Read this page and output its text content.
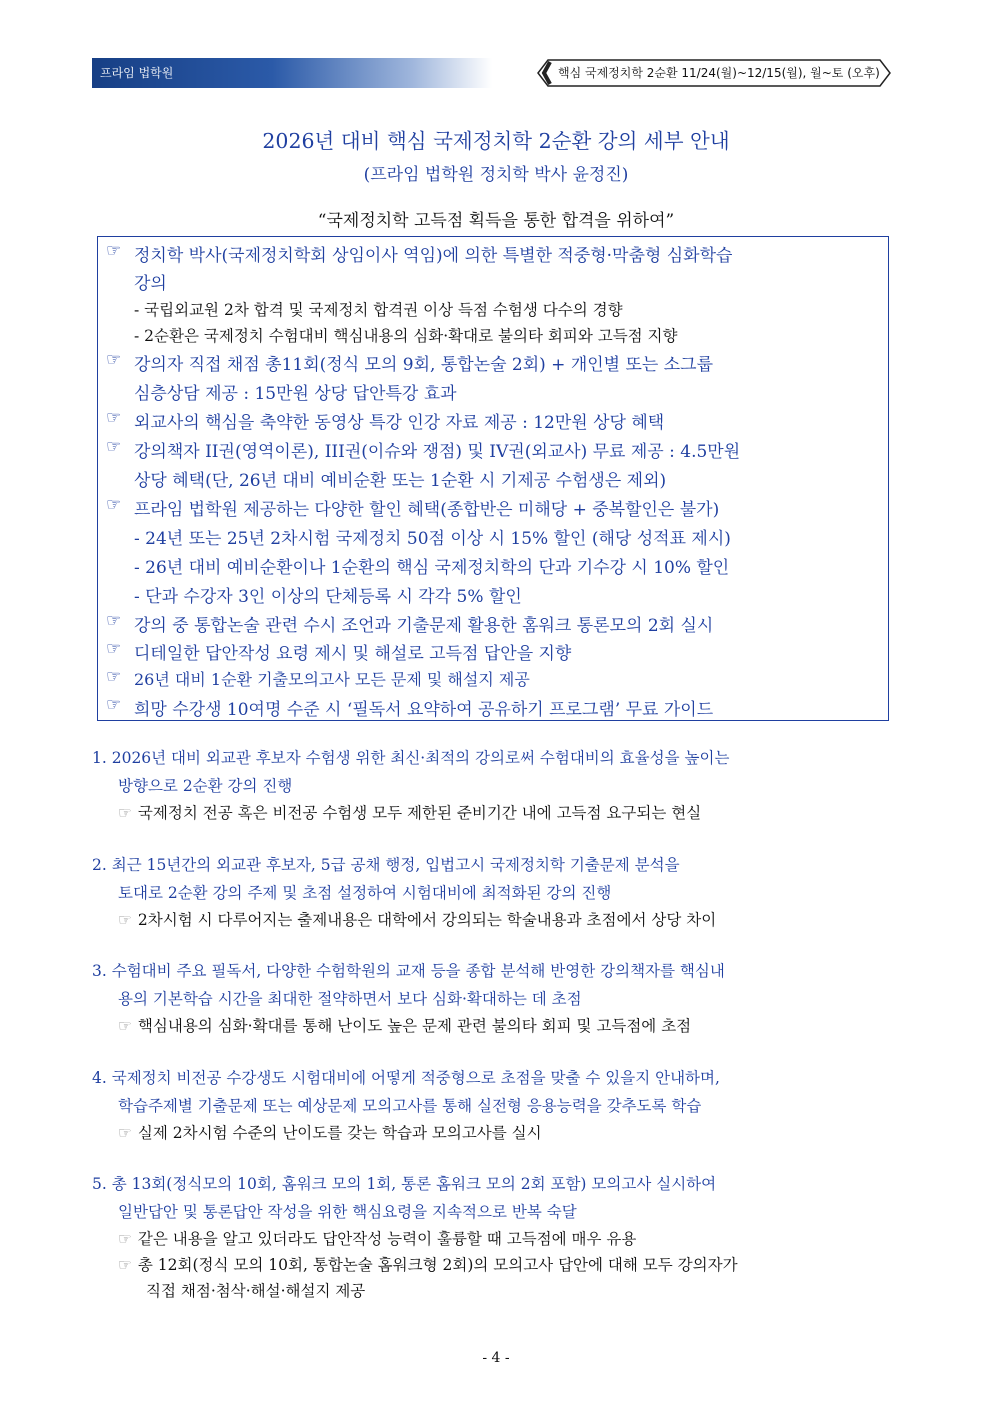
프라임 법학원	핵심 국제정치학 2순환 11/24(월)~12/15(월), 월~토 (오후)
2026년 대비 핵심 국제정치학 2순환 강의 세부 안내
(프라임 법학원 정치학 박사 윤정진)
“국제정치학 고득점 획득을 통한 합격을 위하여”
☞ 정치학 박사(국제정치학회 상임이사 역임)에 의한 특별한 적중형·막춤형 심화학습
강의
- 국립외교원 2차 합격 및 국제정치 합격권 이상 득점 수험생 다수의 경향
- 2순환은 국제정치 수험대비 핵심내용의 심화·확대로 불의타 회피와 고득점 지향
☞ 강의자 직접 채점 총11회(정식 모의 9회, 통합논술 2회) + 개인별 또는 소그룹
심층상담 제공 : 15만원 상당 답안특강 효과
☞ 외교사의 핵심을 축약한 동영상 특강 인강 자료 제공 : 12만원 상당 혜택
☞ 강의책자 II권(영역이론), III권(이슈와 쟁점) 및 IV권(외교사) 무료 제공 : 4.5만원
상당 혜택(단, 26년 대비 예비순환 또는 1순환 시 기제공 수험생은 제외)
☞ 프라임 법학원 제공하는 다양한 할인 혜택(종합반은 미해당 + 중복할인은 불가)
- 24년 또는 25년 2차시험 국제정치 50점 이상 시 15% 할인 (해당 성적표 제시)
- 26년 대비 예비순환이나 1순환의 핵심 국제정치학의 단과 기수강 시 10% 할인
- 단과 수강자 3인 이상의 단체등록 시 각각 5% 할인
☞ 강의 중 통합논술 관련 수시 조언과 기출문제 활용한 홈워크 통론모의 2회 실시
☞ 디테일한 답안작성 요령 제시 및 해설로 고득점 답안을 지향
☞ 26년 대비 1순환 기출모의고사 모든 문제 및 해설지 제공
☞ 희망 수강생 10여명 수준 시 ‘필독서 요약하여 공유하기 프로그램’ 무료 가이드
1. 2026년 대비 외교관 후보자 수험생 위한 최신·최적의 강의로써 수험대비의 효율성을 높이는
방향으로 2순환 강의 진행
☞ 국제정치 전공 혹은 비전공 수험생 모두 제한된 준비기간 내에 고득점 요구되는 현실
2. 최근 15년간의 외교관 후보자, 5급 공채 행정, 입법고시 국제정치학 기출문제 분석을
토대로 2순환 강의 주제 및 초점 설정하여 시험대비에 최적화된 강의 진행
☞ 2차시험 시 다루어지는 출제내용은 대학에서 강의되는 학술내용과 초점에서 상당 차이
3. 수험대비 주요 필독서, 다양한 수험학원의 교재 등을 종합 분석해 반영한 강의책자를 핵심내
용의 기본학습 시간을 최대한 절약하면서 보다 심화·확대하는 데 초점
☞ 핵심내용의 심화·확대를 통해 난이도 높은 문제 관련 불의타 회피 및 고득점에 초점
4. 국제정치 비전공 수강생도 시험대비에 어떻게 적중형으로 초점을 맞출 수 있을지 안내하며,
학습주제별 기출문제 또는 예상문제 모의고사를 통해 실전형 응용능력을 갖추도록 학습
☞ 실제 2차시험 수준의 난이도를 갖는 학습과 모의고사를 실시
5. 총 13회(정식모의 10회, 홈워크 모의 1회, 통론 홈워크 모의 2회 포함) 모의고사 실시하여
일반답안 및 통론답안 작성을 위한 핵심요령을 지속적으로 반복 숙달
☞ 같은 내용을 알고 있더라도 답안작성 능력이 훌륭할 때 고득점에 매우 유용
☞ 총 12회(정식 모의 10회, 통합논술 홈워크형 2회)의 모의고사 답안에 대해 모두 강의자가
직접 채점·첨삭·해설·해설지 제공
- 4 -
